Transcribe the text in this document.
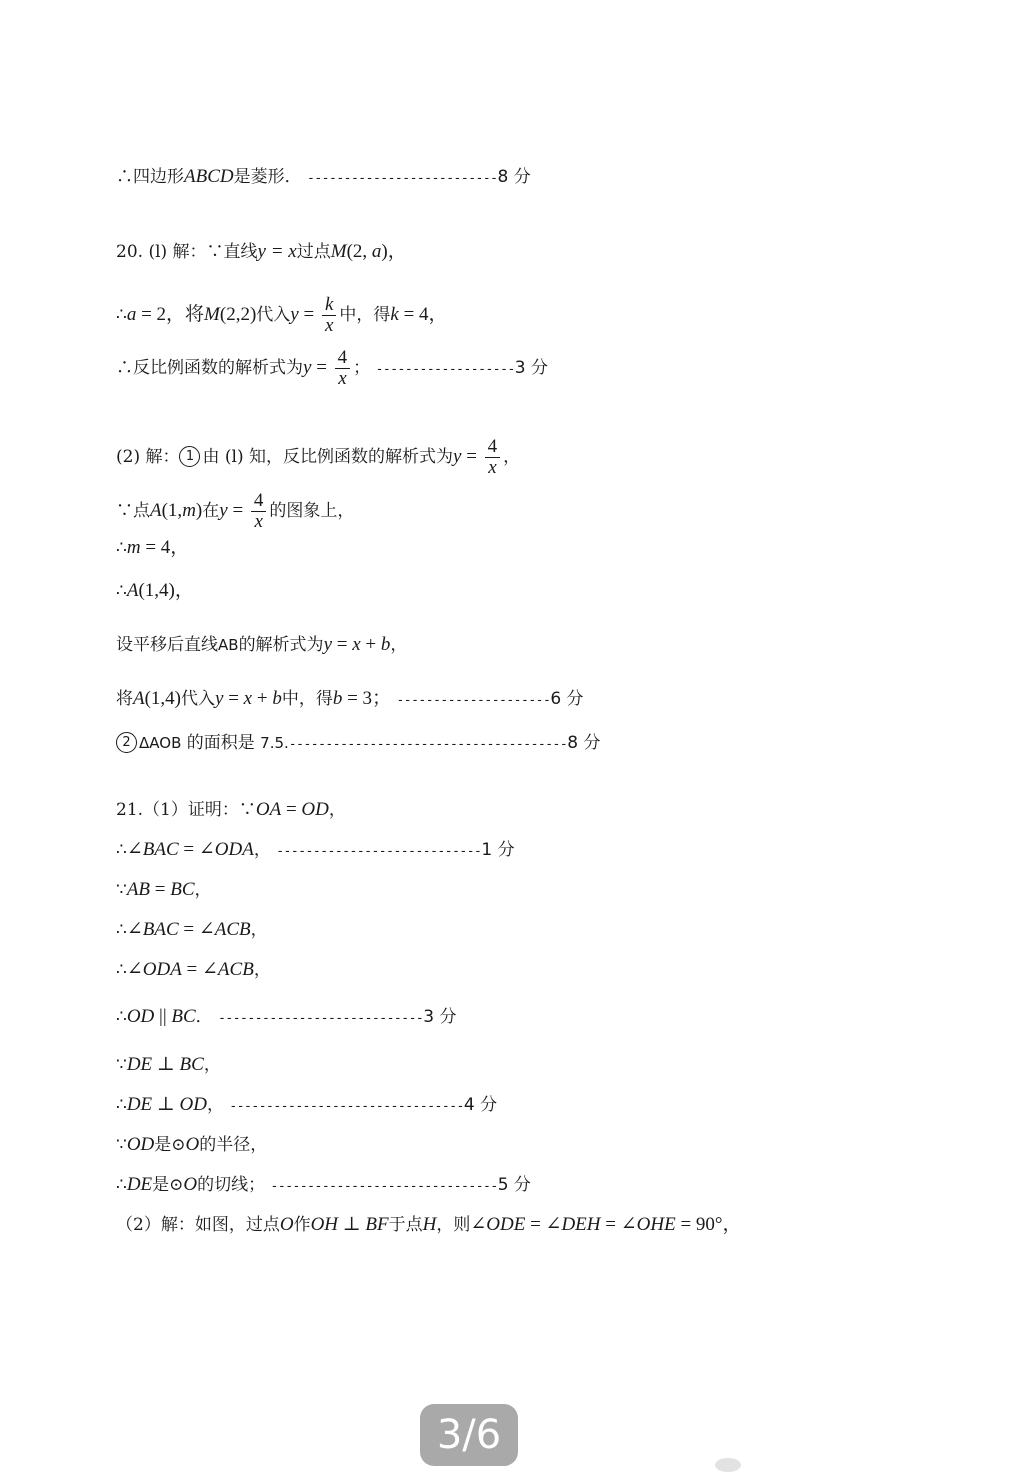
∴四边形ABCD是菱形． --------------------------8 分
20. (l) 解：∵直线y = x过点M(2, a)，
∴a = 2，将M(2,2)代入$y = \frac{k}{x}$ 中，得k = 4，
∴反比例函数的解析式为$y = \frac{4}{x}$ ； -------------------3 分
(2) 解： 1 由 (l) 知，反比例函数的解析式为$y = \frac{4}{x}$ ，
∵点A(1,m)在$y = \frac{4}{x}$ 的图象上，
∴m = 4，
∴A(1,4)，
设平移后直线AB的解析式为y = x + b，
将A(1,4)代入y = x + b中，得b = 3； ---------------------6 分
2 ΔAOB 的面积是 7.5.--------------------------------------8 分
21.（1）证明：∵OA = OD，
∴∠BAC = ∠ODA， ----------------------------1 分
∵AB = BC，
∴∠BAC = ∠ACB，
∴∠ODA = ∠ACB，
∴OD || BC． ----------------------------3 分
∵DE ⊥ BC，
∴DE ⊥ OD， --------------------------------4 分
∵OD是⊙O的半径，
∴DE是⊙O的切线； -------------------------------5 分
（2）解：如图，过点O作OH ⊥ BF于点H，则∠ODE = ∠DEH = ∠OHE = 90°，
3/6
